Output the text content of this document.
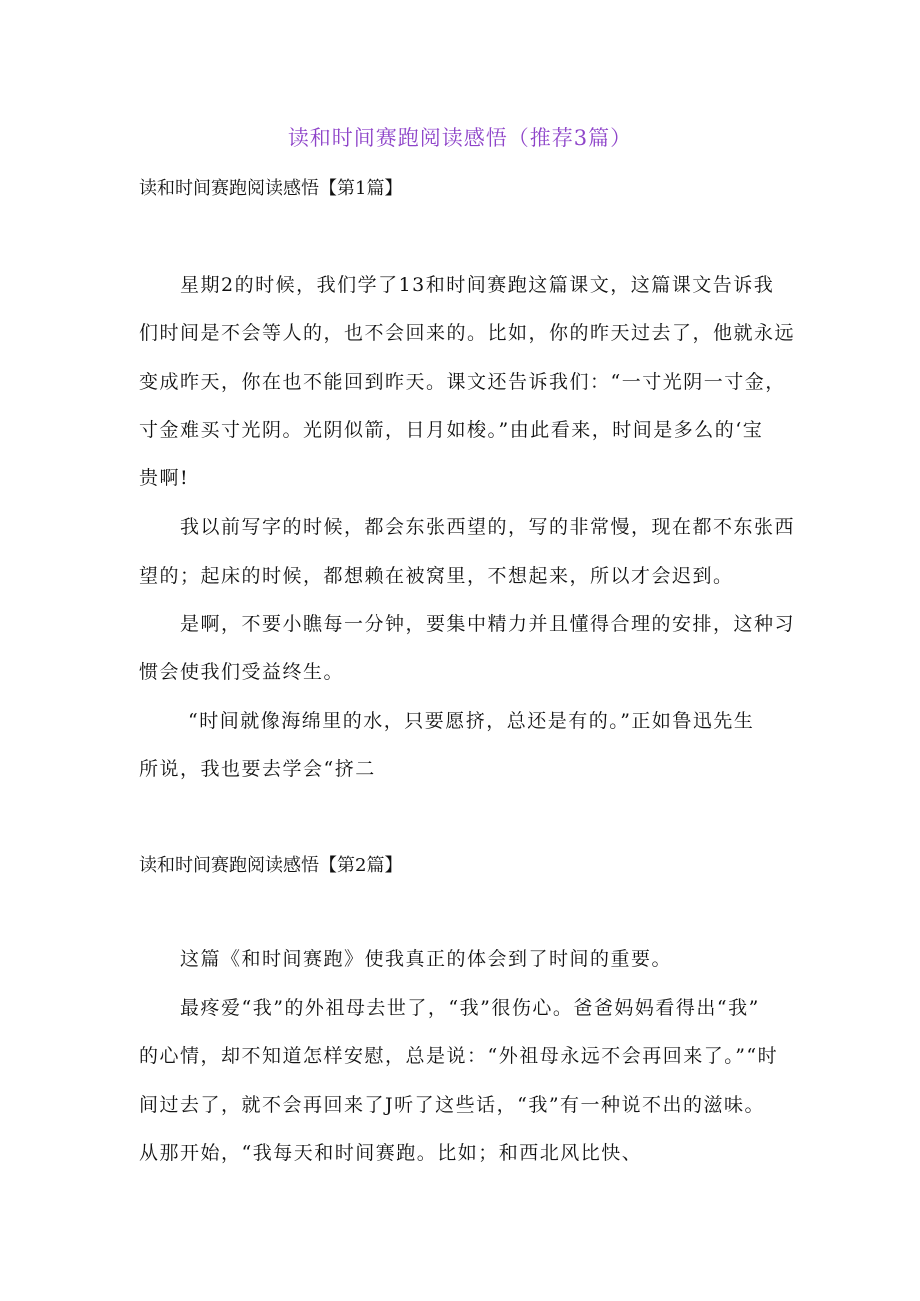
读和时间赛跑阅读感悟（推荐3篇）
读和时间赛跑阅读感悟【第1篇】

星期2的时候，我们学了13和时间赛跑这篇课文，这篇课文告诉我

们时间是不会等人的，也不会回来的。比如，你的昨天过去了，他就永远

变成昨天，你在也不能回到昨天。课文还告诉我们：“一寸光阴一寸金，

寸金难买寸光阴。光阴似箭，日月如梭。”由此看来，时间是多么的‘宝

贵啊!

我以前写字的时候，都会东张西望的，写的非常慢，现在都不东张西

望的；起床的时候，都想赖在被窝里，不想起来，所以才会迟到。

是啊，不要小瞧每一分钟，要集中精力并且懂得合理的安排，这种习

惯会使我们受益终生。

“时间就像海绵里的水，只要愿挤，总还是有的。”正如鲁迅先生

所说，我也要去学会“挤二

读和时间赛跑阅读感悟【第2篇】

这篇《和时间赛跑》使我真正的体会到了时间的重要。

最疼爱“我”的外祖母去世了，“我”很伤心。爸爸妈妈看得出“我”

的心情，却不知道怎样安慰，总是说：“外祖母永远不会再回来了。”“时

间过去了，就不会再回来了J听了这些话，“我”有一种说不出的滋味。

从那开始，“我每天和时间赛跑。比如；和西北风比快、
